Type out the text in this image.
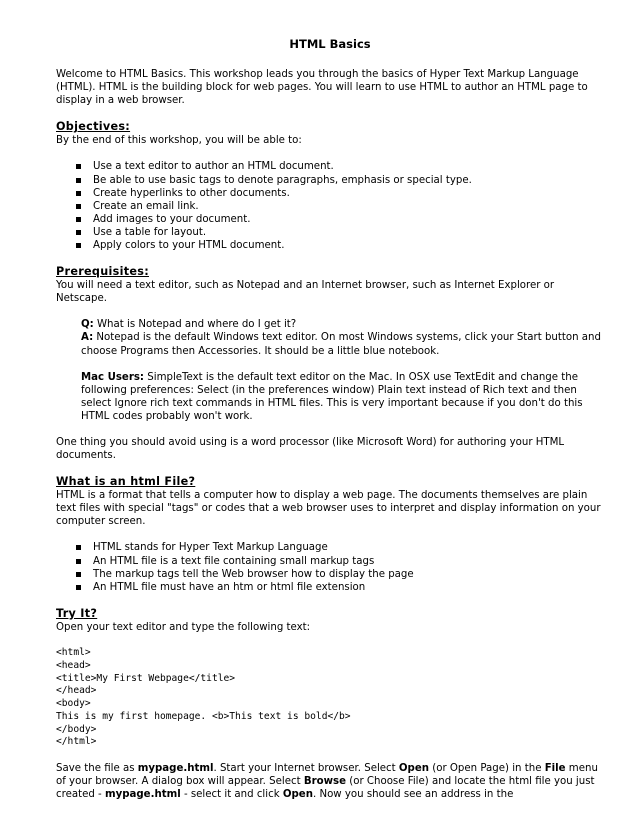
HTML Basics

Welcome to HTML Basics. This workshop leads you through the basics of Hyper Text Markup Language (HTML). HTML is the building block for web pages. You will learn to use HTML to author an HTML page to display in a web browser.

Objectives:

By the end of this workshop, you will be able to:

Use a text editor to author an HTML document.
Be able to use basic tags to denote paragraphs, emphasis or special type.
Create hyperlinks to other documents.
Create an email link.
Add images to your document.
Use a table for layout.
Apply colors to your HTML document.
Prerequisites:

You will need a text editor, such as Notepad and an Internet browser, such as Internet Explorer or Netscape.

Q: What is Notepad and where do I get it?

A: Notepad is the default Windows text editor. On most Windows systems, click your Start button and choose Programs then Accessories. It should be a little blue notebook.

Mac Users: SimpleText is the default text editor on the Mac. In OSX use TextEdit and change the following preferences: Select (in the preferences window) Plain text instead of Rich text and then select Ignore rich text commands in HTML files. This is very important because if you don't do this HTML codes probably won't work.

One thing you should avoid using is a word processor (like Microsoft Word) for authoring your HTML documents.

What is an html File?

HTML is a format that tells a computer how to display a web page. The documents themselves are plain text files with special "tags" or codes that a web browser uses to interpret and display information on your computer screen.

HTML stands for Hyper Text Markup Language
An HTML file is a text file containing small markup tags
The markup tags tell the Web browser how to display the page
An HTML file must have an htm or html file extension
Try It?

Open your text editor and type the following text:

<html>
<head>
<title>My First Webpage</title>
</head>
<body>
This is my first homepage. <b>This text is bold</b>
</body>
</html>

Save the file as mypage.html. Start your Internet browser. Select Open (or Open Page) in the File menu of your browser. A dialog box will appear. Select Browse (or Choose File) and locate the html file you just created - mypage.html - select it and click Open. Now you should see an address in the
